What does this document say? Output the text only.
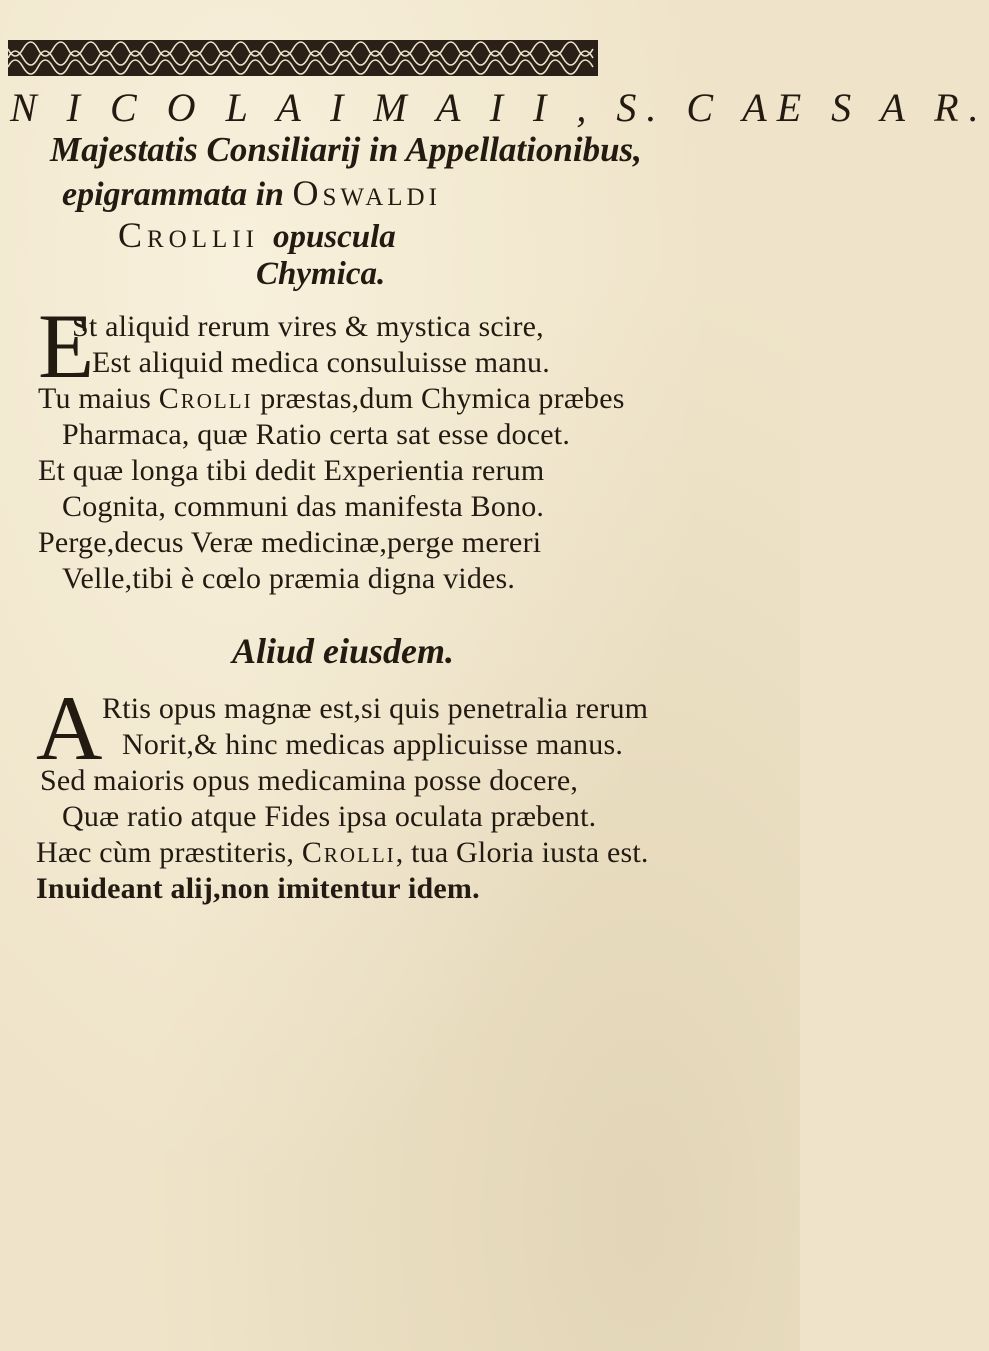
N I C O L A I M A I I , S. C AE S A R.
Majestatis Consiliarij in Appellationibus,
epigrammata in Oswaldi
Crollii opuscula
Chymica.
E
St aliquid rerum vires & mystica scire,
Est aliquid medica consuluisse manu.
Tu maius Crolli præstas,dum Chymica præbes
Pharmaca, quæ Ratio certa sat esse docet.
Et quæ longa tibi dedit Experientia rerum
Cognita, communi das manifesta Bono.
Perge,decus Veræ medicinæ,perge mereri
Velle,tibi è cœlo præmia digna vides.
Aliud eiusdem.
A Rtis opus magnæ est,si quis penetralia rerum
Norit,& hinc medicas applicuisse manus.
Sed maioris opus medicamina posse docere,
Quæ ratio atque Fides ipsa oculata præbent.
Hæc cùm præstiteris, Crolli, tua Gloria iusta est.
Inuideant alij,non imitentur idem.
